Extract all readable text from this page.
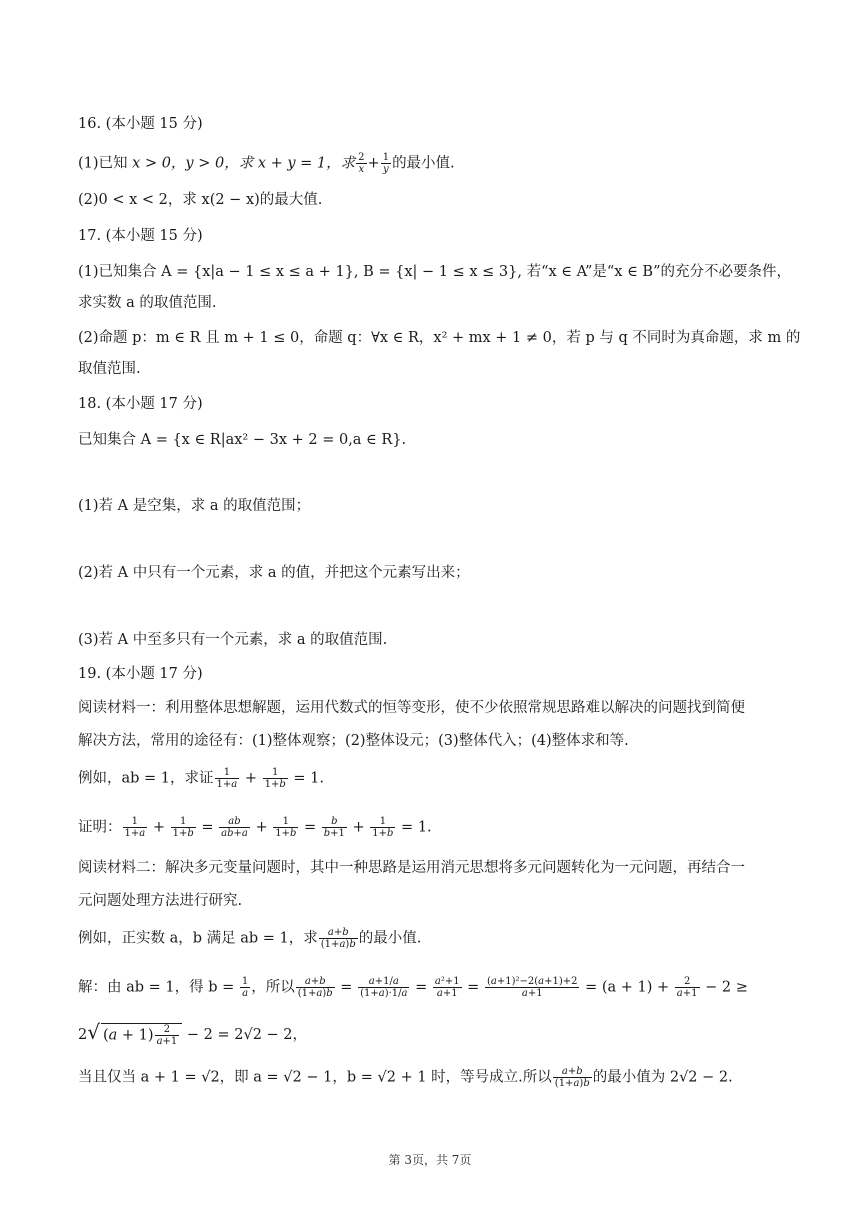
16. (本小题 15 分)
(1)已知 x > 0，y > 0，求 x + y = 1，求 $\frac{2}{x} + \frac{1}{y}$ 的最小值.
(2)0 < x < 2，求 x(2 − x)的最大值.
17. (本小题 15 分)
(1)已知集合 A = {x|a − 1 ≤ x ≤ a + 1}, B = {x| − 1 ≤ x ≤ 3}, 若“x ∈ A”是“x ∈ B”的充分不必要条件，
求实数 a 的取值范围.
(2)命题 p：m ∈ R 且 m + 1 ≤ 0，命题 q：∀x ∈ R，x² + mx + 1 ≠ 0，若 p 与 q 不同时为真命题，求 m 的
取值范围.
18. (本小题 17 分)
已知集合 A = {x ∈ R|ax² − 3x + 2 = 0,a ∈ R}.
(1)若 A 是空集，求 a 的取值范围；
(2)若 A 中只有一个元素，求 a 的值，并把这个元素写出来；
(3)若 A 中至多只有一个元素，求 a 的取值范围.
19. (本小题 17 分)
阅读材料一：利用整体思想解题，运用代数式的恒等变形，使不少依照常规思路难以解决的问题找到简便
解决方法，常用的途径有：(1)整体观察；(2)整体设元；(3)整体代入；(4)整体求和等.
例如，ab = 1，求证 $\frac{1}{1+a} + \frac{1}{1+b} = 1$.
证明： $\frac{1}{1+a} + \frac{1}{1+b} = \frac{ab}{ab+a} + \frac{1}{1+b} = \frac{b}{b+1} + \frac{1}{1+b} = 1$.
阅读材料二：解决多元变量问题时，其中一种思路是运用消元思想将多元问题转化为一元问题，再结合一
元问题处理方法进行研究.
例如，正实数 a，b 满足 ab = 1，求 $\frac{a+b}{(1+a)b}$ 的最小值.
解：由 ab = 1，得 $b = \frac{1}{a}$ ，所以 $\frac{a+b}{(1+a)b} = \frac{a+1/a}{(1+a)\cdot 1/a} = \frac{\text{a²+1}}{a+1} = \frac{\text{(a+1)²−2(a+1)+2}}{a+1} = (a + 1) + \frac{2}{a+1} - 2$ ≥
2√ $(a + 1) \frac{2}{a+1} - 2 = 2√2 - 2$，
当且仅当 a + 1 = √2，即 a = √2 − 1，b = √2 + 1 时，等号成立.所以 $\frac{a+b}{(1+a)b}$ 的最小值为 2√2 − 2.
第 3页，共 7页
